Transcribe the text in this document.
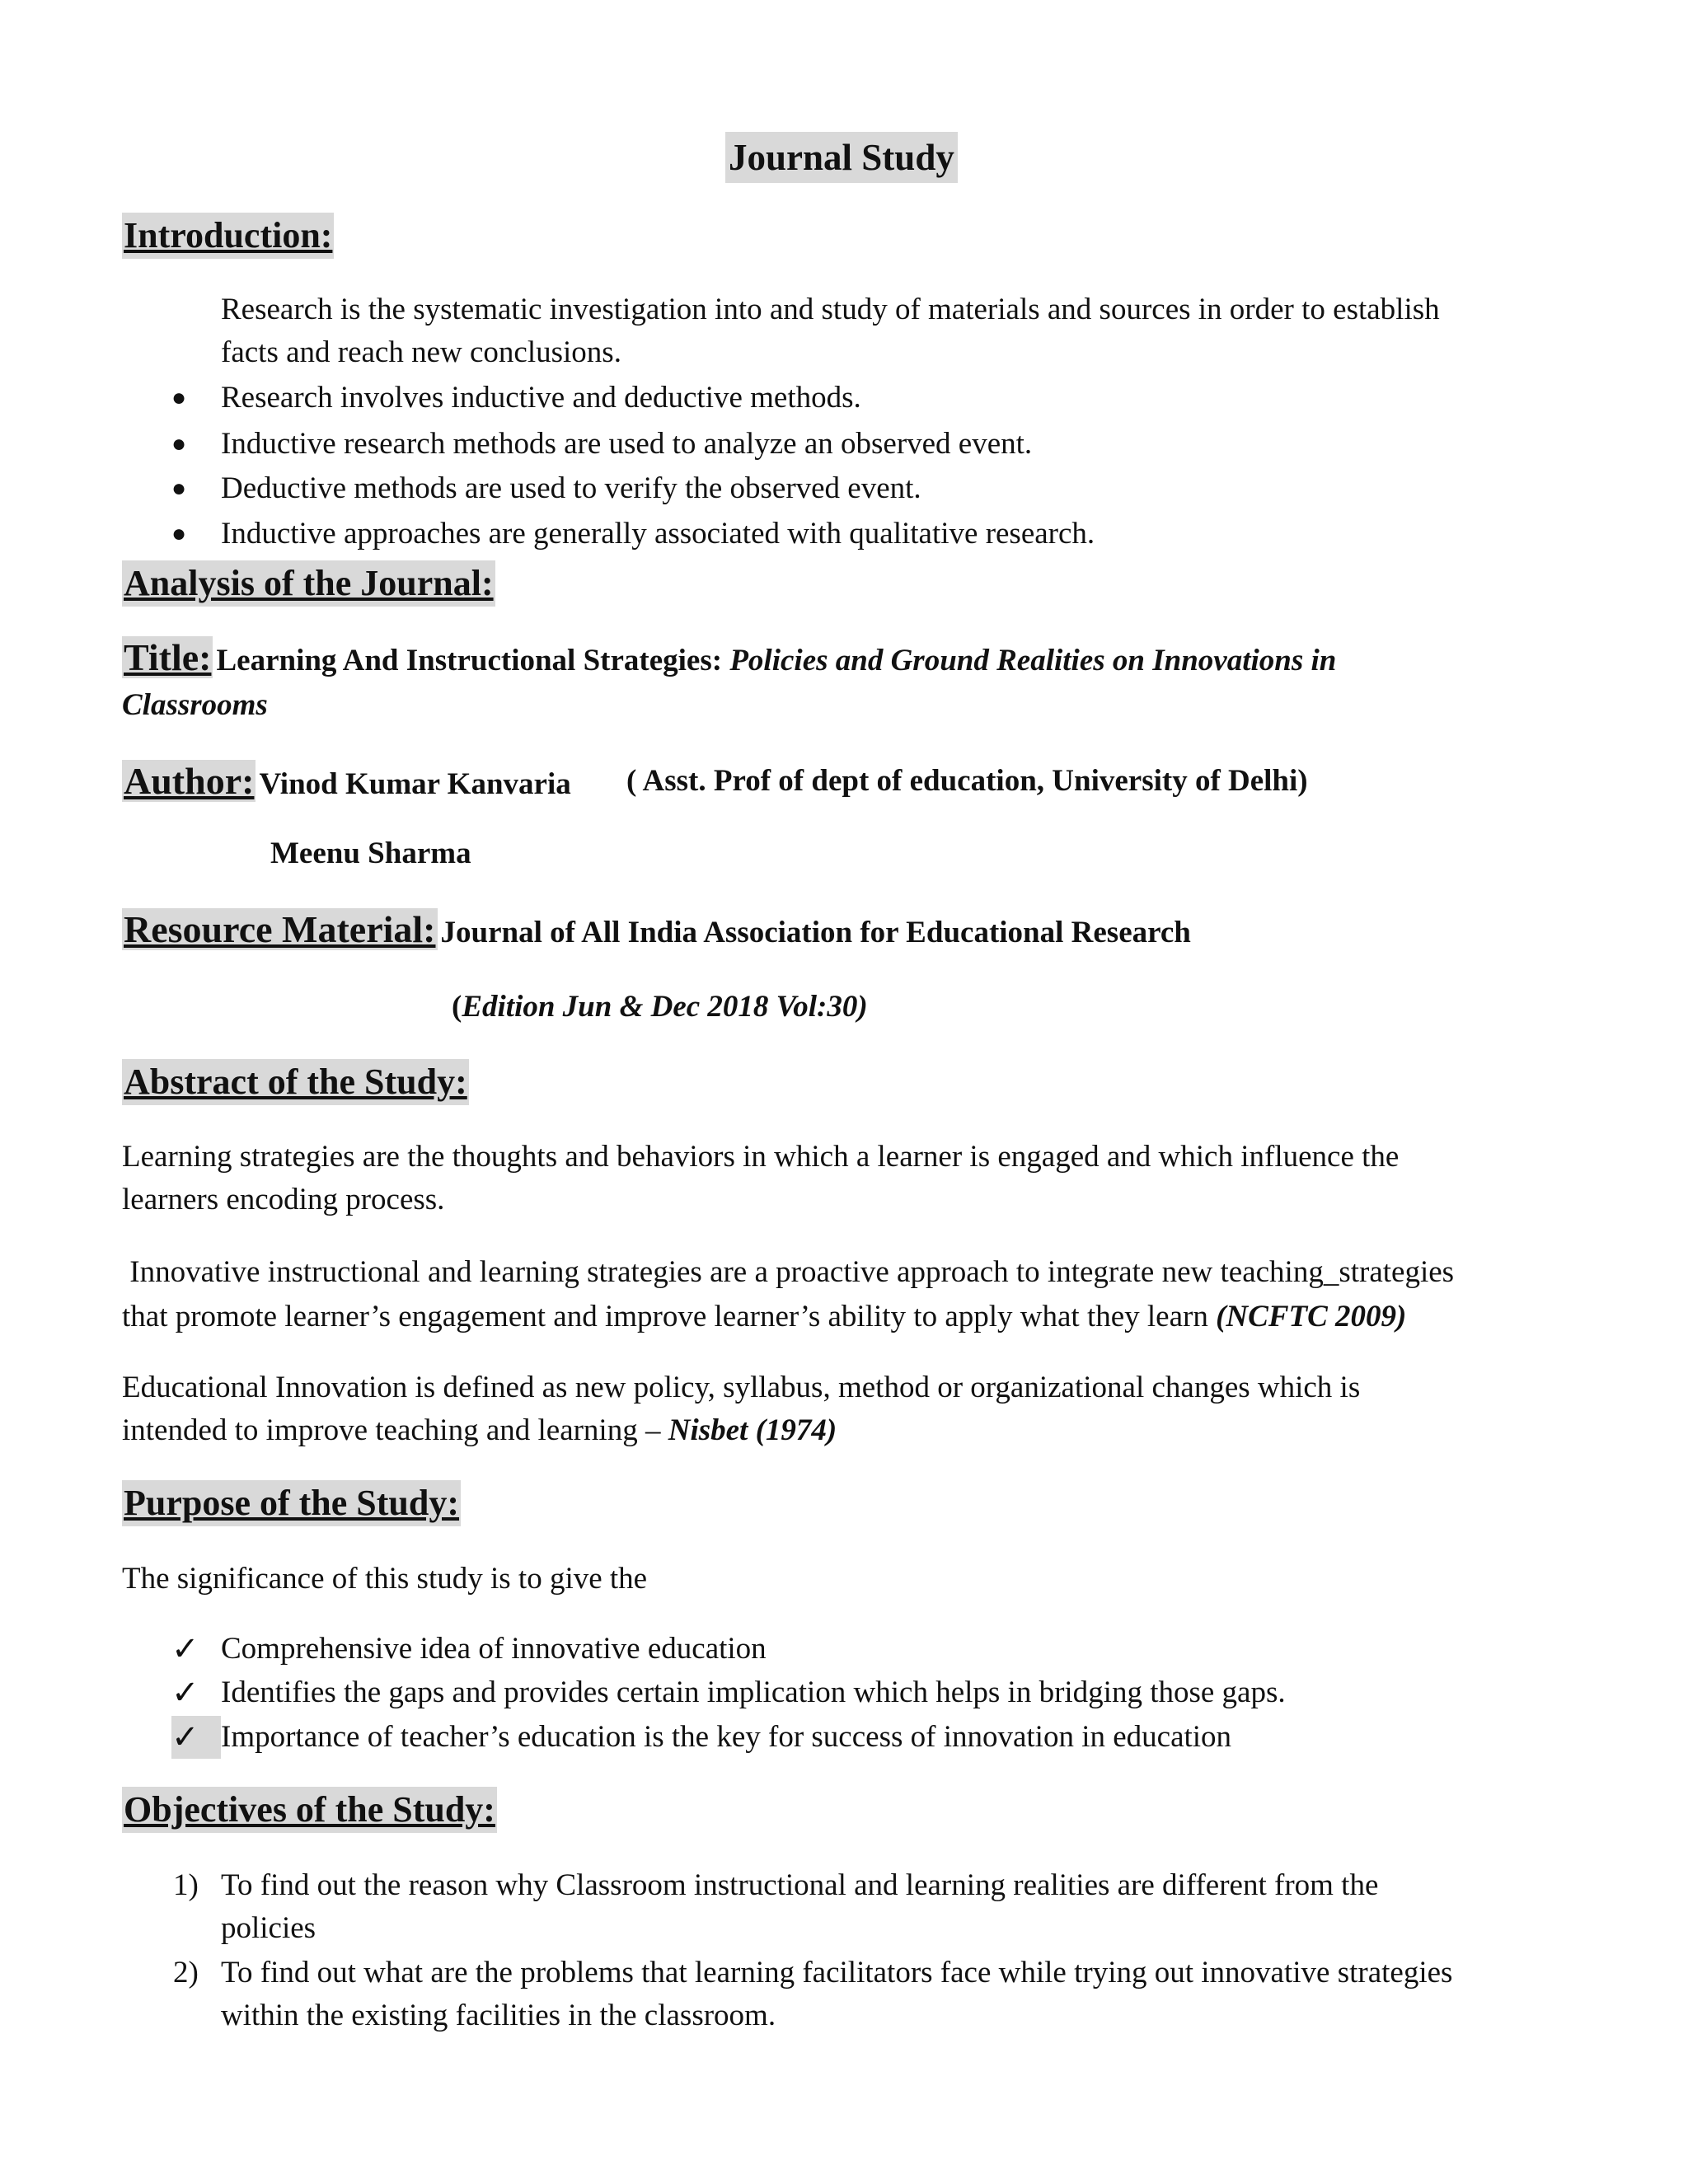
Journal Study
Introduction:
Research is the systematic investigation into and study of materials and sources in order to establish
facts and reach new conclusions.
● Research involves inductive and deductive methods.
● Inductive research methods are used to analyze an observed event.
● Deductive methods are used to verify the observed event.
● Inductive approaches are generally associated with qualitative research.
Analysis of the Journal:
Title: Learning And Instructional Strategies: Policies and Ground Realities on Innovations in
Classrooms
Author: Vinod Kumar Kanvaria ( Asst. Prof of dept of education, University of Delhi)
Meenu Sharma
Resource Material: Journal of All India Association for Educational Research
(Edition Jun & Dec 2018 Vol:30)
Abstract of the Study:
Learning strategies are the thoughts and behaviors in which a learner is engaged and which influence the
learners encoding process.
Innovative instructional and learning strategies are a proactive approach to integrate new teaching_strategies
that promote learner’s engagement and improve learner’s ability to apply what they learn (NCFTC 2009)
Educational Innovation is defined as new policy, syllabus, method or organizational changes which is
intended to improve teaching and learning – Nisbet (1974)
Purpose of the Study:
The significance of this study is to give the
✓ Comprehensive idea of innovative education
✓ Identifies the gaps and provides certain implication which helps in bridging those gaps.
✓ Importance of teacher’s education is the key for success of innovation in education
Objectives of the Study:
1) To find out the reason why Classroom instructional and learning realities are different from the
policies
2) To find out what are the problems that learning facilitators face while trying out innovative strategies
within the existing facilities in the classroom.
